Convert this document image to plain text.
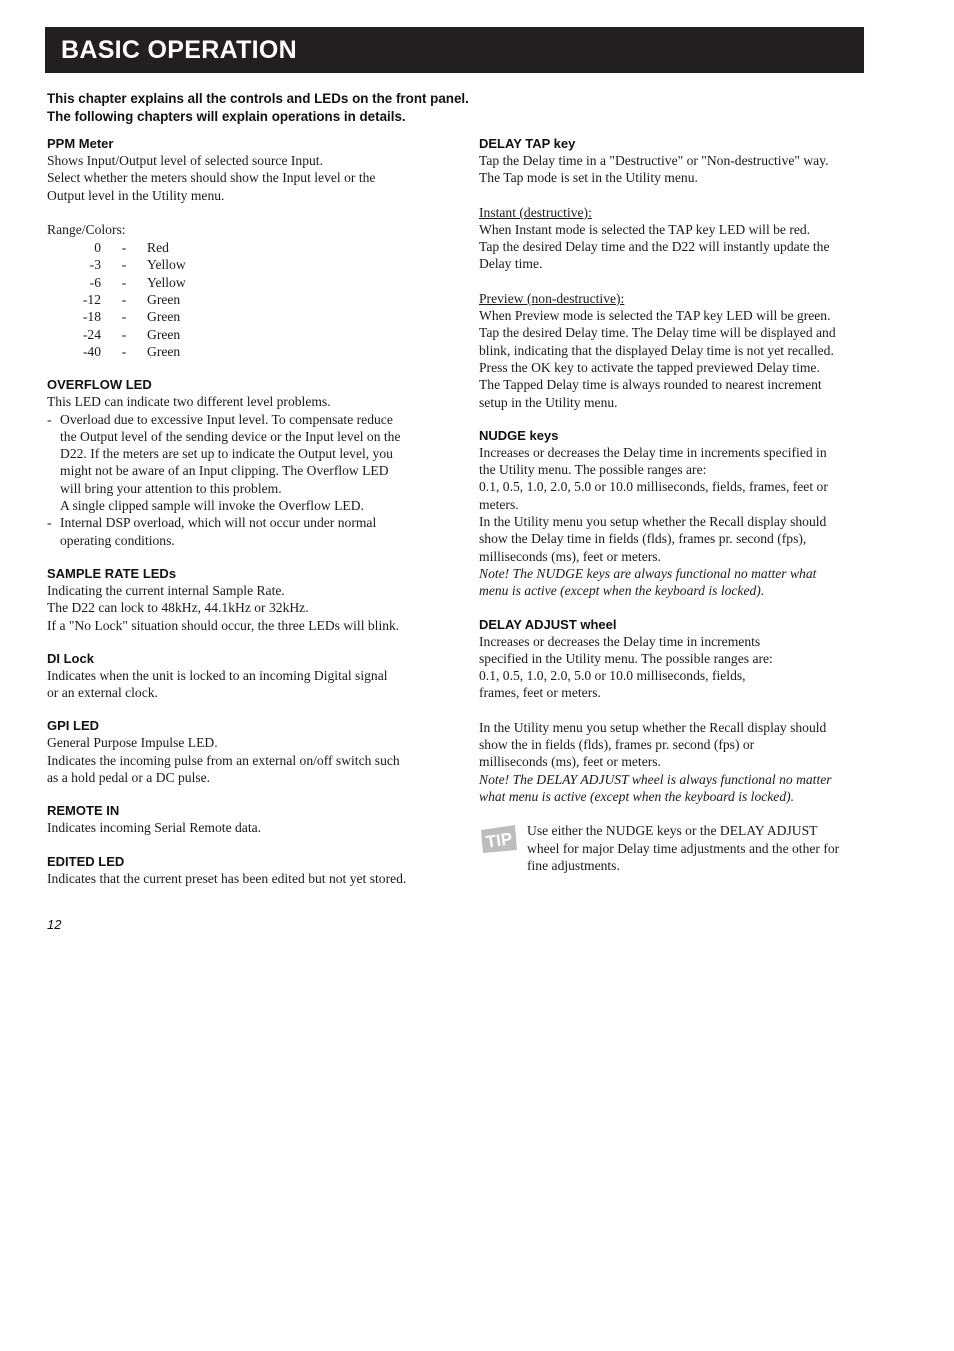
BASIC OPERATION
This chapter explains all the controls and LEDs on the front panel.
The following chapters will explain operations in details.
PPM Meter

Shows Input/Output level of selected source Input.

Select whether the meters should show the Input level or the

Output level in the Utility menu.

Range/Colors:

0	-	Red
-3	-	Yellow
-6	-	Yellow
-12	-	Green
-18	-	Green
-24	-	Green
-40	-	Green
OVERFLOW LED

This LED can indicate two different level problems.

- Overload due to excessive Input level. To compensate reduce

the Output level of the sending device or the Input level on the

D22. If the meters are set up to indicate the Output level, you

might not be aware of an Input clipping. The Overflow LED

will bring your attention to this problem.

A single clipped sample will invoke the Overflow LED.

- Internal DSP overload, which will not occur under normal

operating conditions.

SAMPLE RATE LEDs

Indicating the current internal Sample Rate.

The D22 can lock to 48kHz, 44.1kHz or 32kHz.

If a "No Lock" situation should occur, the three LEDs will blink.

DI Lock

Indicates when the unit is locked to an incoming Digital signal

or an external clock.

GPI LED

General Purpose Impulse LED.

Indicates the incoming pulse from an external on/off switch such

as a hold pedal or a DC pulse.

REMOTE IN

Indicates incoming Serial Remote data.

EDITED LED

Indicates that the current preset has been edited but not yet stored.

DELAY TAP key

Tap the Delay time in a "Destructive" or "Non-destructive" way.

The Tap mode is set in the Utility menu.

Instant (destructive):

When Instant mode is selected the TAP key LED will be red.

Tap the desired Delay time and the D22 will instantly update the

Delay time.

Preview (non-destructive):

When Preview mode is selected the TAP key LED will be green.

Tap the desired Delay time. The Delay time will be displayed and

blink, indicating that the displayed Delay time is not yet recalled.

Press the OK key to activate the tapped previewed Delay time.

The Tapped Delay time is always rounded to nearest increment

setup in the Utility menu.

NUDGE keys

Increases or decreases the Delay time in increments specified in

the Utility menu. The possible ranges are:

0.1, 0.5, 1.0, 2.0, 5.0 or 10.0 milliseconds, fields, frames, feet or

meters.

In the Utility menu you setup whether the Recall display should

show the Delay time in fields (flds), frames pr. second (fps),

milliseconds (ms), feet or meters.

Note! The NUDGE keys are always functional no matter what

menu is active (except when the keyboard is locked).

DELAY ADJUST wheel

Increases or decreases the Delay time in increments

specified in the Utility menu. The possible ranges are:

0.1, 0.5, 1.0, 2.0, 5.0 or 10.0 milliseconds, fields,

frames, feet or meters.

In the Utility menu you setup whether the Recall display should

show the in fields (flds), frames pr. second (fps) or

milliseconds (ms), feet or meters.

Note! The DELAY ADJUST wheel is always functional no matter

what menu is active (except when the keyboard is locked).

TIP Use either the NUDGE keys or the DELAY ADJUST

wheel for major Delay time adjustments and the other for

fine adjustments.

12
